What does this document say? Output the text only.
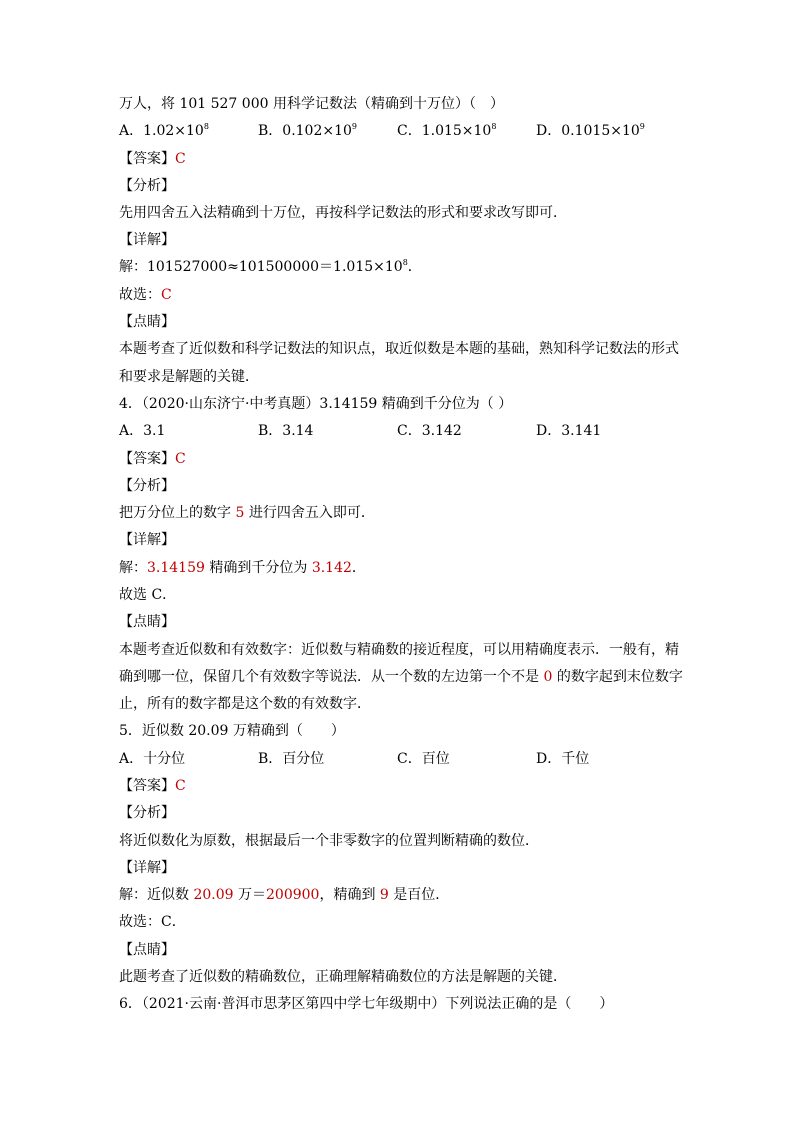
万人，将 101 527 000 用科学记数法（精确到十万位）（　）
A．$1.02\times 10^8$	B．$0.102\times 10^9$	C．$1.015\times 10^8$	D．$0.1015\times 10^9$
【答案】C
【分析】
先用四舍五入法精确到十万位，再按科学记数法的形式和要求改写即可．
【详解】
解：$101527000\approx 101500000=1.015\times 10^8$．
故选：C
【点睛】
本题考查了近似数和科学记数法的知识点，取近似数是本题的基础，熟知科学记数法的形式
和要求是解题的关键．
4．（2020·山东济宁·中考真题）3.14159 精确到千分位为（ ）
A．3.1	B．3.14	C．3.142	D．3.141
【答案】C
【分析】
把万分位上的数字 5 进行四舍五入即可．
【详解】
解：3.14159 精确到千分位为 3.142．
故选 C．
【点睛】
本题考查近似数和有效数字：近似数与精确数的接近程度，可以用精确度表示．一般有，精
确到哪一位，保留几个有效数字等说法．从一个数的左边第一个不是 0 的数字起到末位数字
止，所有的数字都是这个数的有效数字．
5．近似数 20.09 万精确到（　　）
A．十分位	B．百分位	C．百位	D．千位
【答案】C
【分析】
将近似数化为原数，根据最后一个非零数字的位置判断精确的数位．
【详解】
解：近似数 20.09 万＝200900，精确到 9 是百位．
故选：C．
【点睛】
此题考查了近似数的精确数位，正确理解精确数位的方法是解题的关键．
6．（2021·云南·普洱市思茅区第四中学七年级期中）下列说法正确的是（　　）
